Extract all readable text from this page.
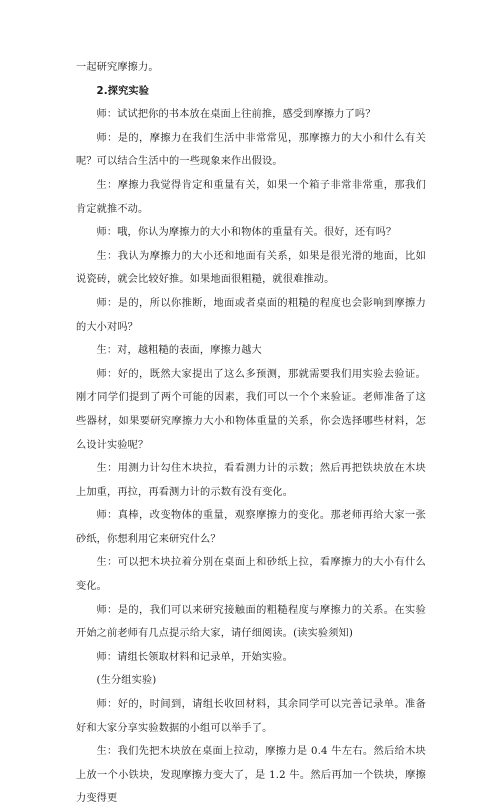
一起研究摩擦力。

2.探究实验

师：试试把你的书本放在桌面上往前推，感受到摩擦力了吗？

师：是的，摩擦力在我们生活中非常常见，那摩擦力的大小和什么有关呢？可以结合生活中的一些现象来作出假设。

生：摩擦力我觉得肯定和重量有关，如果一个箱子非常非常重，那我们肯定就推不动。

师：哦，你认为摩擦力的大小和物体的重量有关。很好，还有吗？

生：我认为摩擦力的大小还和地面有关系，如果是很光滑的地面，比如说瓷砖，就会比较好推。如果地面很粗糙，就很难推动。

师：是的，所以你推断，地面或者桌面的粗糙的程度也会影响到摩擦力的大小对吗？

生：对，越粗糙的表面，摩擦力越大

师：好的，既然大家提出了这么多预测，那就需要我们用实验去验证。刚才同学们提到了两个可能的因素，我们可以一个个来验证。老师准备了这些器材，如果要研究摩擦力大小和物体重量的关系，你会选择哪些材料，怎么设计实验呢？

生：用测力计勾住木块拉，看看测力计的示数；然后再把铁块放在木块上加重，再拉，再看测力计的示数有没有变化。

师：真棒，改变物体的重量，观察摩擦力的变化。那老师再给大家一张砂纸，你想利用它来研究什么？

生：可以把木块拉着分别在桌面上和砂纸上拉，看摩擦力的大小有什么变化。

师：是的，我们可以来研究接触面的粗糙程度与摩擦力的关系。在实验开始之前老师有几点提示给大家，请仔细阅读。(读实验须知)

师：请组长领取材料和记录单，开始实验。

(生分组实验)

师：好的，时间到，请组长收回材料，其余同学可以完善记录单。准备好和大家分享实验数据的小组可以举手了。

生：我们先把木块放在桌面上拉动，摩擦力是 0.4 牛左右。然后给木块上放一个小铁块，发现摩擦力变大了，是 1.2 牛。然后再加一个铁块，摩擦力变得更
